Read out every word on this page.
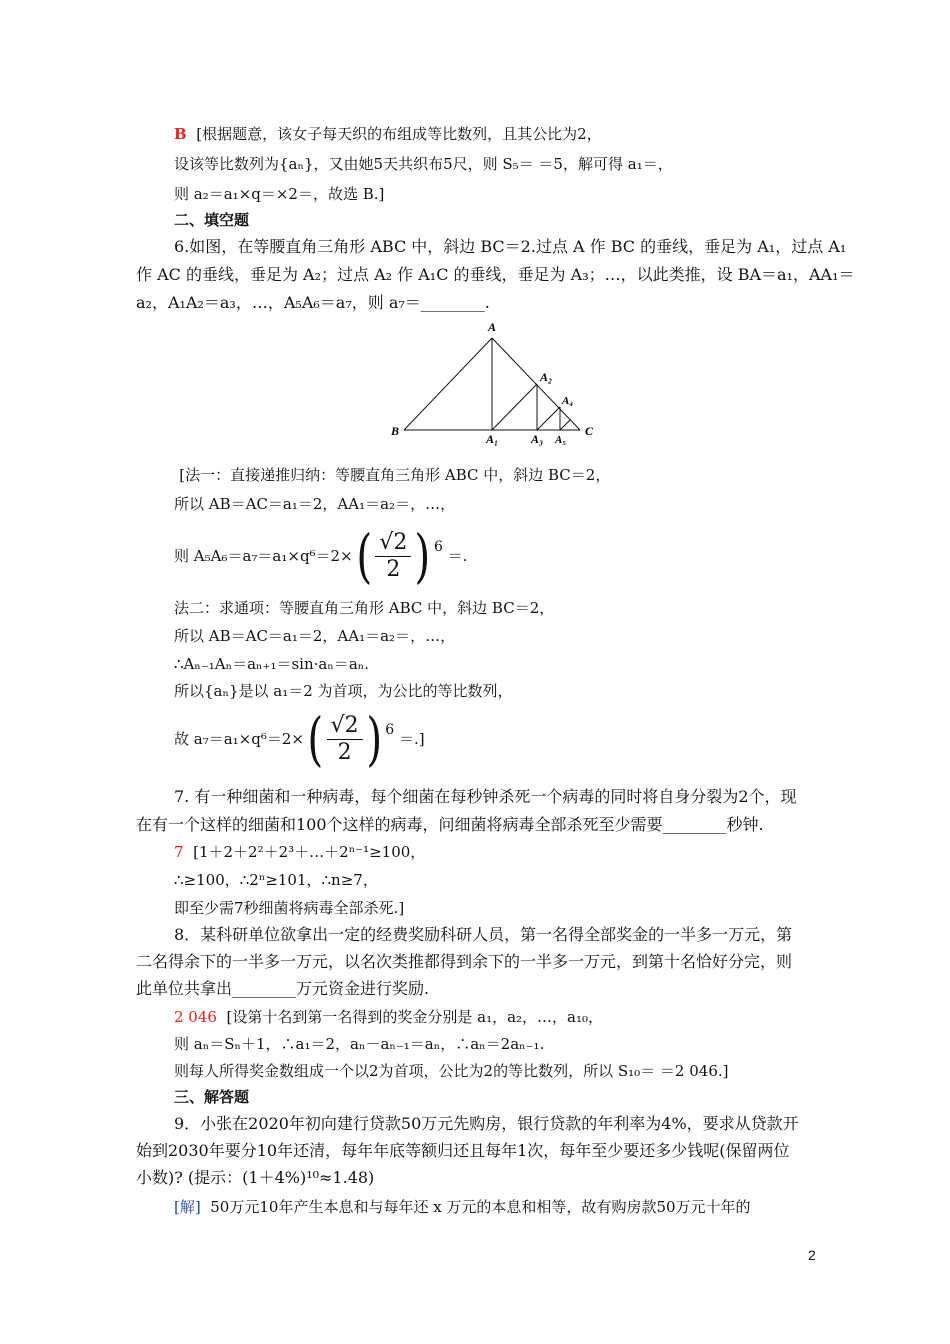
B [根据题意，该女子每天织的布组成等比数列，且其公比为2，
设该等比数列为{aₙ}，又由她5天共织布5尺，则 S₅＝ ＝5，解可得 a₁＝，
则 a₂＝a₁×q＝×2＝，故选 B.]
二、填空题
6.如图，在等腰直角三角形 ABC 中，斜边 BC＝2.过点 A 作 BC 的垂线，垂足为 A₁，过点 A₁
作 AC 的垂线，垂足为 A₂；过点 A₂ 作 A₁C 的垂线，垂足为 A₃；…，以此类推，设 BA＝a₁，AA₁＝
a₂，A₁A₂＝a₃，…，A₅A₆＝a₇，则 a₇＝________.
A
A₂
A₄
B
A₁	A₃ A₅
C
[法一：直接递推归纳：等腰直角三角形 ABC 中，斜边 BC＝2，
所以 AB＝AC＝a₁＝2，AA₁＝a₂＝，…，
则 $A_5A_6=a_7=a_1\times q^6=2\times( \frac{√2}{2}$ ) 6 ＝.
法二：求通项：等腰直角三角形 ABC 中，斜边 BC＝2，
所以 AB＝AC＝a₁＝2，AA₁＝a₂＝，…，
∴Aₙ₋₁Aₙ＝aₙ₊₁＝sin·aₙ＝aₙ.
所以{aₙ}是以 a₁＝2 为首项，为公比的等比数列，
故 $a_7=a_1\times q^6=2\times( \frac{√2}{2}$ ) 6 ＝.]
7. 有一种细菌和一种病毒，每个细菌在每秒钟杀死一个病毒的同时将自身分裂为2个，现
在有一个这样的细菌和100个这样的病毒，问细菌将病毒全部杀死至少需要________秒钟.
7 [1＋2＋2²＋2³＋…＋2ⁿ⁻¹≥100，
∴≥100，∴2ⁿ≥101，∴n≥7，
即至少需7秒细菌将病毒全部杀死.]
8．某科研单位欲拿出一定的经费奖励科研人员，第一名得全部奖金的一半多一万元，第
二名得余下的一半多一万元，以名次类推都得到余下的一半多一万元，到第十名恰好分完，则
此单位共拿出________万元资金进行奖励.
2 046 [设第十名到第一名得到的奖金分别是 a₁，a₂，…，a₁₀，
则 aₙ＝Sₙ＋1，∴a₁＝2，aₙ－aₙ₋₁＝aₙ，∴aₙ＝2aₙ₋₁.
则每人所得奖金数组成一个以2为首项，公比为2的等比数列，所以 S₁₀＝ ＝2 046.]
三、解答题
9．小张在2020年初向建行贷款50万元先购房，银行贷款的年利率为4%，要求从贷款开
始到2030年要分10年还清，每年年底等额归还且每年1次，每年至少要还多少钱呢(保留两位
小数)? (提示：(1＋4%)¹⁰≈1.48)
[解] 50万元10年产生本息和与每年还 x 万元的本息和相等，故有购房款50万元十年的
2
